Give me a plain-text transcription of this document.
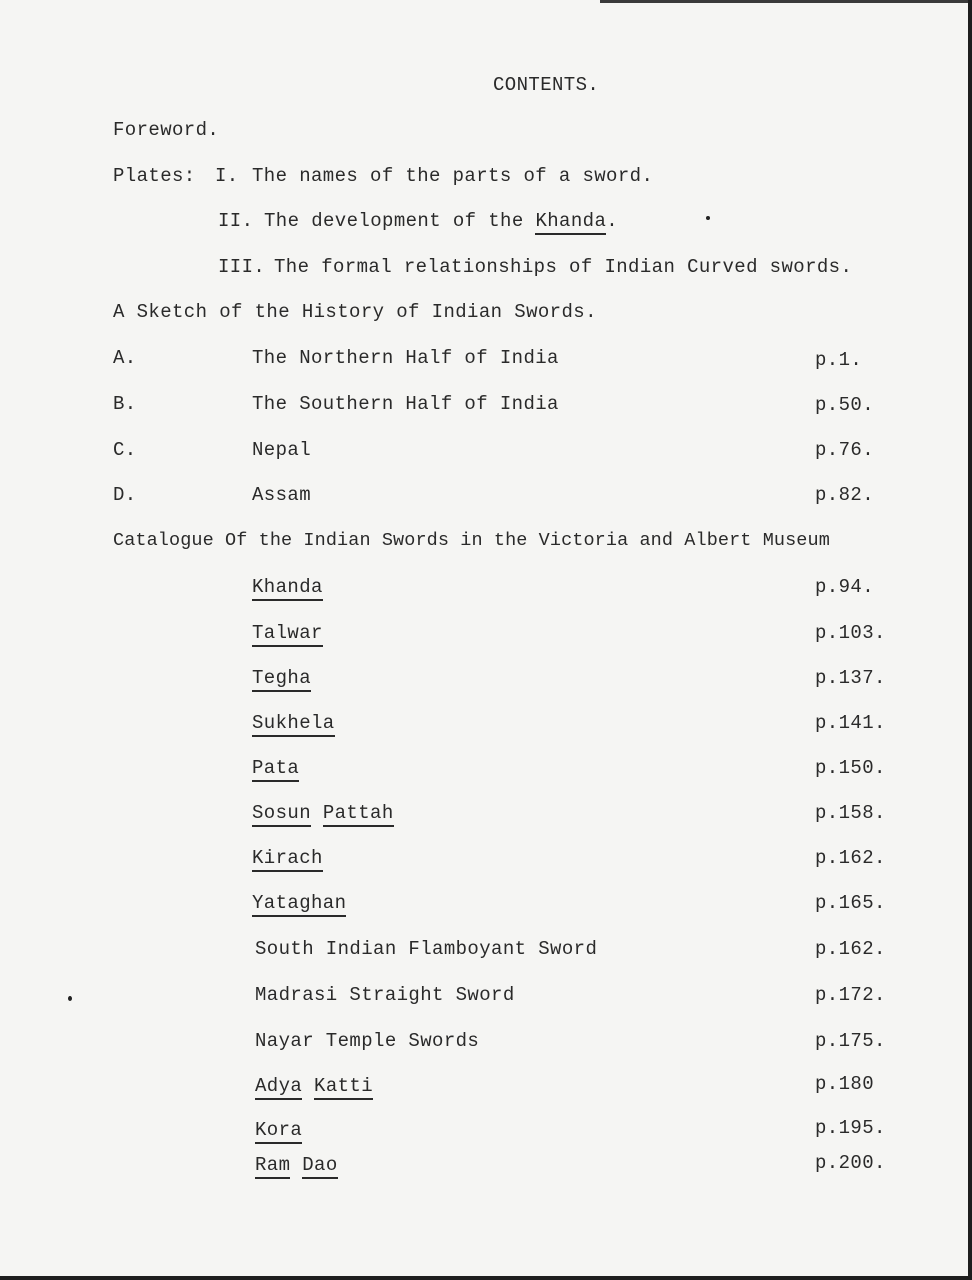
CONTENTS.
Foreword.
Plates: I. The names of the parts of a sword.
II. The development of the Khanda.
III. The formal relationships of Indian Curved swords.
A Sketch of the History of Indian Swords.
A.	The Northern Half of India	p.1.
B.	The Southern Half of India	p.50.
C.	Nepal	p.76.
D.	Assam	p.82.
Catalogue Of the Indian Swords in the Victoria and Albert Museum
Khanda	p.94.
Talwar	p.103.
Tegha	p.137.
Sukhela	p.141.
Pata	p.150.
Sosun Pattah	p.158.
Kirach	p.162.
Yataghan	p.165.
South Indian Flamboyant Sword	p.162.
Madrasi Straight Sword	p.172.
Nayar Temple Swords	p.175.
Adya Katti	p.180
Kora	p.195.
Ram Dao	p.200.
